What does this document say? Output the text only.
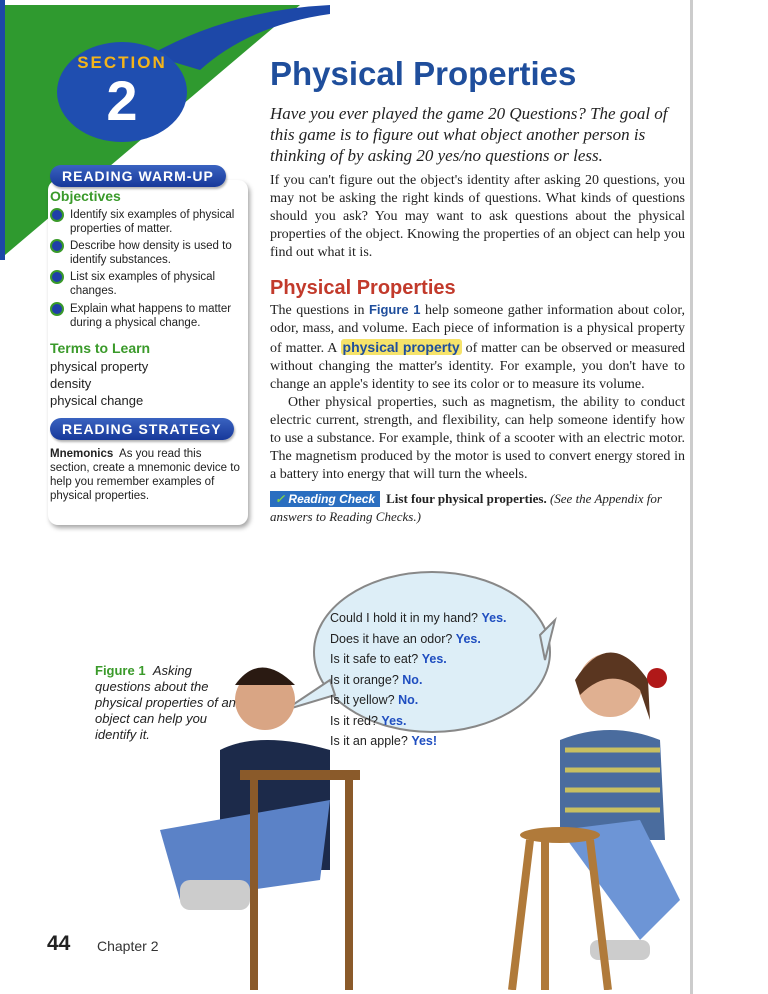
SECTION
2
READING WARM-UP
Objectives
Identify six examples of physical properties of matter.
Describe how density is used to identify substances.
List six examples of physical changes.
Explain what happens to matter during a physical change.
Terms to Learn
physical property
density
physical change
READING STRATEGY
Mnemonics As you read this section, create a mnemonic device to help you remember examples of physical properties.
Physical Properties
Have you ever played the game 20 Questions? The goal of this game is to figure out what object another person is thinking of by asking 20 yes/no questions or less.
If you can't figure out the object's identity after asking 20 questions, you may not be asking the right kinds of questions. What kinds of questions should you ask? You may want to ask questions about the physical properties of the object. Knowing the properties of an object can help you find out what it is.
Physical Properties
The questions in Figure 1 help someone gather information about color, odor, mass, and volume. Each piece of information is a physical property of matter. A physical property of matter can be observed or measured without changing the matter's identity. For example, you don't have to change an apple's identity to see its color or to measure its volume.
Other physical properties, such as magnetism, the ability to conduct electric current, strength, and flexibility, can help someone identify how to use a substance. For example, think of a scooter with an electric motor. The magnetism produced by the motor is used to convert energy stored in a battery into energy that will turn the wheels.
✓ Reading Check List four physical properties. (See the Appendix for answers to Reading Checks.)
Could I hold it in my hand? Yes.
Does it have an odor? Yes.
Is it safe to eat? Yes.
Is it orange? No.
Is it yellow? No.
Is it red? Yes.
Is it an apple? Yes!
Figure 1 Asking questions about the physical properties of an object can help you identify it.
44 Chapter 2
